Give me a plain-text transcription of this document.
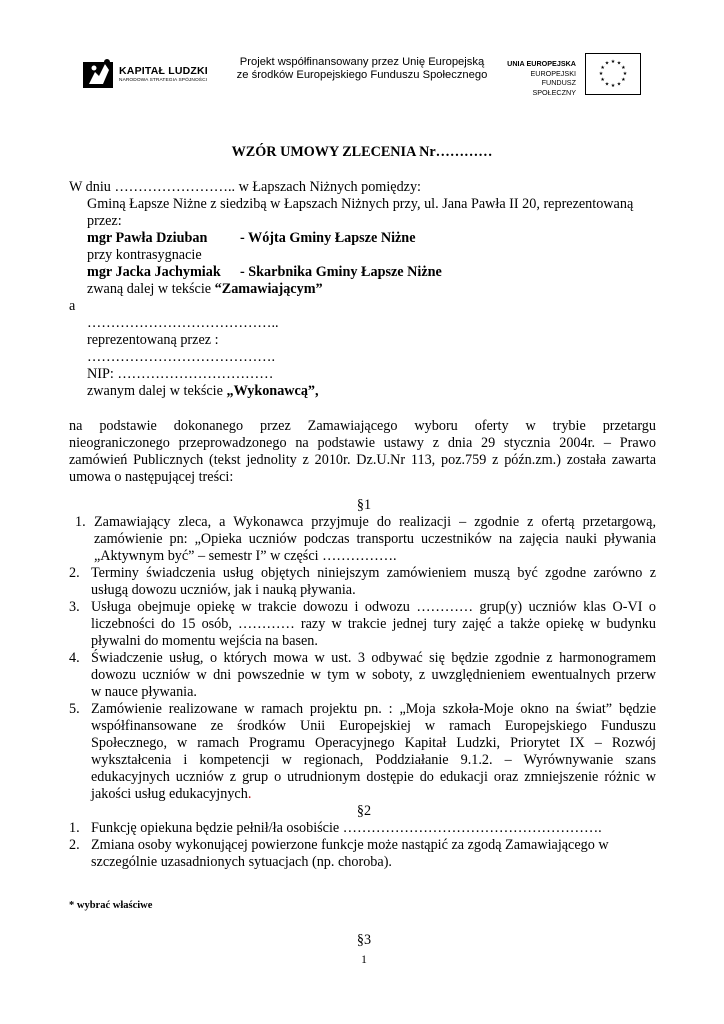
KAPITAŁ LUDZKI
NARODOWA STRATEGIA SPÓJNOŚCI
Projekt współfinansowany przez Unię Europejską
ze środków Europejskiego Funduszu Społecznego
UNIA EUROPEJSKA
EUROPEJSKI
FUNDUSZ SPOŁECZNY
★ ★
★
★
★
★
★
★
★
★
★
★
WZÓR UMOWY ZLECENIA Nr…………
W dniu …………………….. w Łapszach Niżnych pomiędzy:
Gminą Łapsze Niżne z siedzibą w Łapszach Niżnych przy, ul. Jana Pawła II 20, reprezentowaną
przez:
mgr Pawła Dziuban - Wójta Gminy Łapsze Niżne
przy kontrasygnacie
mgr Jacka Jachymiak - Skarbnika Gminy Łapsze Niżne
zwaną dalej w tekście “Zamawiającym”
a
…………………………………..
reprezentowaną przez :
………………………………….
NIP: ……………………………
zwanym dalej w tekście „Wykonawcą”,
na podstawie dokonanego przez Zamawiającego wyboru oferty w trybie przetargu
nieograniczonego przeprowadzonego na podstawie ustawy z dnia 29 stycznia 2004r. – Prawo
zamówień Publicznych (tekst jednolity z 2010r. Dz.U.Nr 113, poz.759 z późn.zm.) została zawarta
umowa o następującej treści:
§1
1. Zamawiający zleca, a Wykonawca przyjmuje do realizacji – zgodnie z ofertą przetargową,
zamówienie pn: „Opieka uczniów podczas transportu uczestników na zajęcia nauki pływania
„Aktywnym być” – semestr I” w części …………….
2. Terminy świadczenia usług objętych niniejszym zamówieniem muszą być zgodne zarówno z
usługą dowozu uczniów, jak i nauką pływania.
3. Usługa obejmuje opiekę w trakcie dowozu i odwozu ………… grup(y) uczniów klas O-VI o
liczebności do 15 osób, ………… razy w trakcie jednej tury zajęć a także opiekę w budynku
pływalni do momentu wejścia na basen.
4. Świadczenie usług, o których mowa w ust. 3 odbywać się będzie zgodnie z harmonogramem
dowozu uczniów w dni powszednie w tym w soboty, z uwzględnieniem ewentualnych przerw
w nauce pływania.
5. Zamówienie realizowane w ramach projektu pn. : „Moja szkoła-Moje okno na świat” będzie
współfinansowane ze środków Unii Europejskiej w ramach Europejskiego Funduszu
Społecznego, w ramach Programu Operacyjnego Kapitał Ludzki, Priorytet IX – Rozwój
wykształcenia i kompetencji w regionach, Poddziałanie 9.1.2. – Wyrównywanie szans
edukacyjnych uczniów z grup o utrudnionym dostępie do edukacji oraz zmniejszenie różnic w
jakości usług edukacyjnych.
§2
1. Funkcję opiekuna będzie pełnił/ła osobiście ……………………………………………….
2. Zmiana osoby wykonującej powierzone funkcje może nastąpić za zgodą Zamawiającego w
szczególnie uzasadnionych sytuacjach (np. choroba).
* wybrać właściwe
§3
1
